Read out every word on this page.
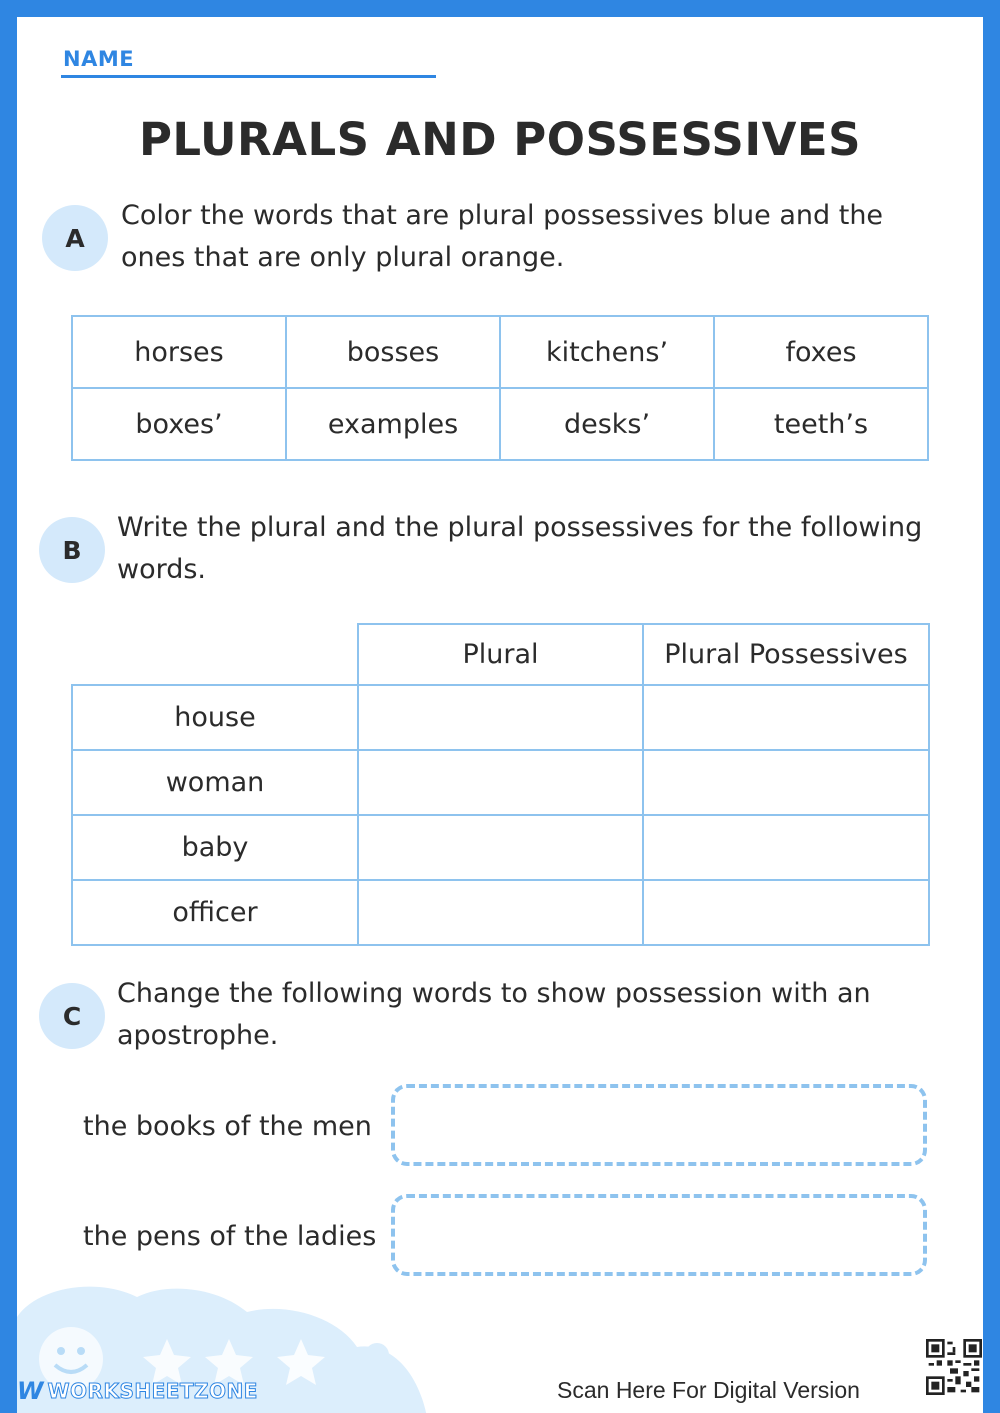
NAME
PLURALS AND POSSESSIVES
A
Color the words that are plural possessives blue and the
ones that are only plural orange.
horses	bosses	kitchens’	foxes
boxes’	examples	desks’	teeth’s
B
Write the plural and the plural possessives for the following
words.
	Plural	Plural Possessives
house		
woman		
baby		
officer		
C
Change the following words to show possession with an
apostrophe.
the books of the men
the pens of the ladies
W WORKSHEETZONE	Scan Here For Digital Version
